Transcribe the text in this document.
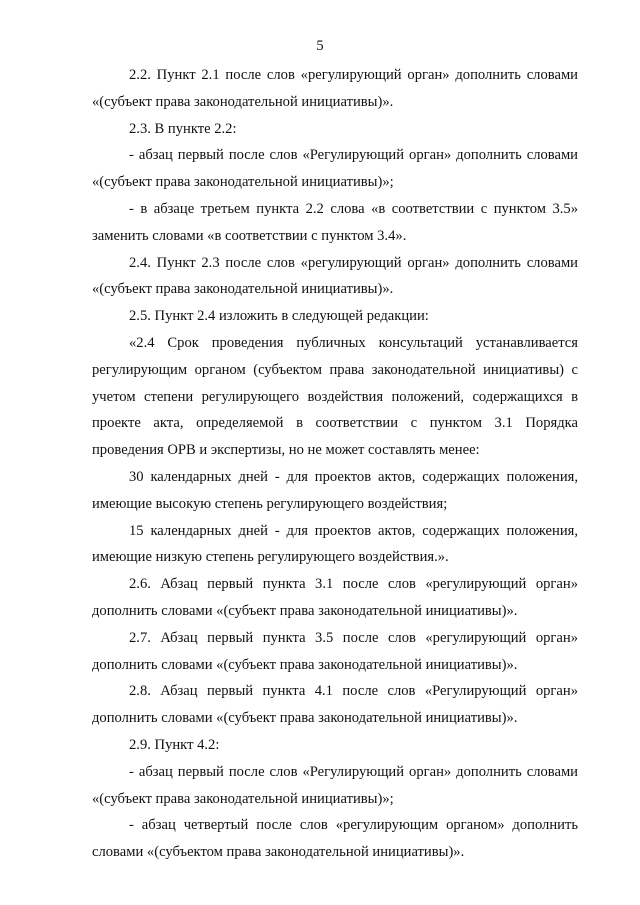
5

2.2. Пункт 2.1 после слов «регулирующий орган» дополнить словами «(субъект права законодательной инициативы)».

2.3. В пункте 2.2:

- абзац первый после слов «Регулирующий орган» дополнить словами «(субъект права законодательной инициативы)»;

- в абзаце третьем пункта 2.2 слова «в соответствии с пунктом 3.5» заменить словами «в соответствии с пунктом 3.4».

2.4. Пункт 2.3 после слов «регулирующий орган» дополнить словами «(субъект права законодательной инициативы)».

2.5. Пункт 2.4 изложить в следующей редакции:

«2.4 Срок проведения публичных консультаций устанавливается регулирующим органом (субъектом права законодательной инициативы) с учетом степени регулирующего воздействия положений, содержащихся в проекте акта, определяемой в соответствии с пунктом 3.1 Порядка проведения ОРВ и экспертизы, но не может составлять менее:

30 календарных дней - для проектов актов, содержащих положения, имеющие высокую степень регулирующего воздействия;

15 календарных дней - для проектов актов, содержащих положения, имеющие низкую степень регулирующего воздействия.».

2.6. Абзац первый пункта 3.1 после слов «регулирующий орган» дополнить словами «(субъект права законодательной инициативы)».

2.7. Абзац первый пункта 3.5 после слов «регулирующий орган» дополнить словами «(субъект права законодательной инициативы)».

2.8. Абзац первый пункта 4.1 после слов «Регулирующий орган» дополнить словами «(субъект права законодательной инициативы)».

2.9. Пункт 4.2:

- абзац первый после слов «Регулирующий орган» дополнить словами «(субъект права законодательной инициативы)»;

- абзац четвертый после слов «регулирующим органом» дополнить словами «(субъектом права законодательной инициативы)».
